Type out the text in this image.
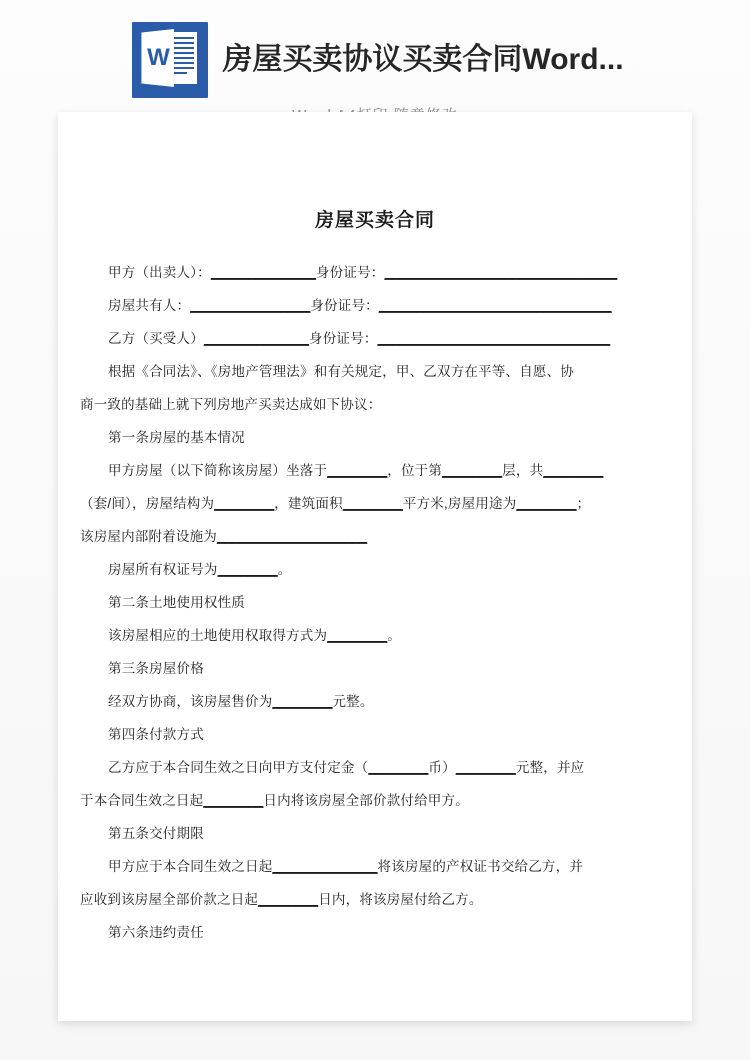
W 房屋买卖协议买卖合同Word...
房屋买卖合同
甲方（出卖人）：______________身份证号：_______________________________
房屋共有人：________________身份证号：_______________________________
乙方（买受人）______________身份证号：_______________________________
根据《合同法》、《房地产管理法》和有关规定，甲、乙双方在平等、自愿、协
商一致的基础上就下列房地产买卖达成如下协议：
第一条房屋的基本情况
甲方房屋（以下简称该房屋）坐落于________，位于第________层，共________
（套/间），房屋结构为________，建筑面积________平方米,房屋用途为________；
该房屋内部附着设施为____________________
房屋所有权证号为________。
第二条土地使用权性质
该房屋相应的土地使用权取得方式为________。
第三条房屋价格
经双方协商，该房屋售价为________元整。
第四条付款方式
乙方应于本合同生效之日向甲方支付定金（________币）________元整，并应
于本合同生效之日起________日内将该房屋全部价款付给甲方。
第五条交付期限
甲方应于本合同生效之日起______________将该房屋的产权证书交给乙方，并
应收到该房屋全部价款之日起________日内，将该房屋付给乙方。
第六条违约责任
